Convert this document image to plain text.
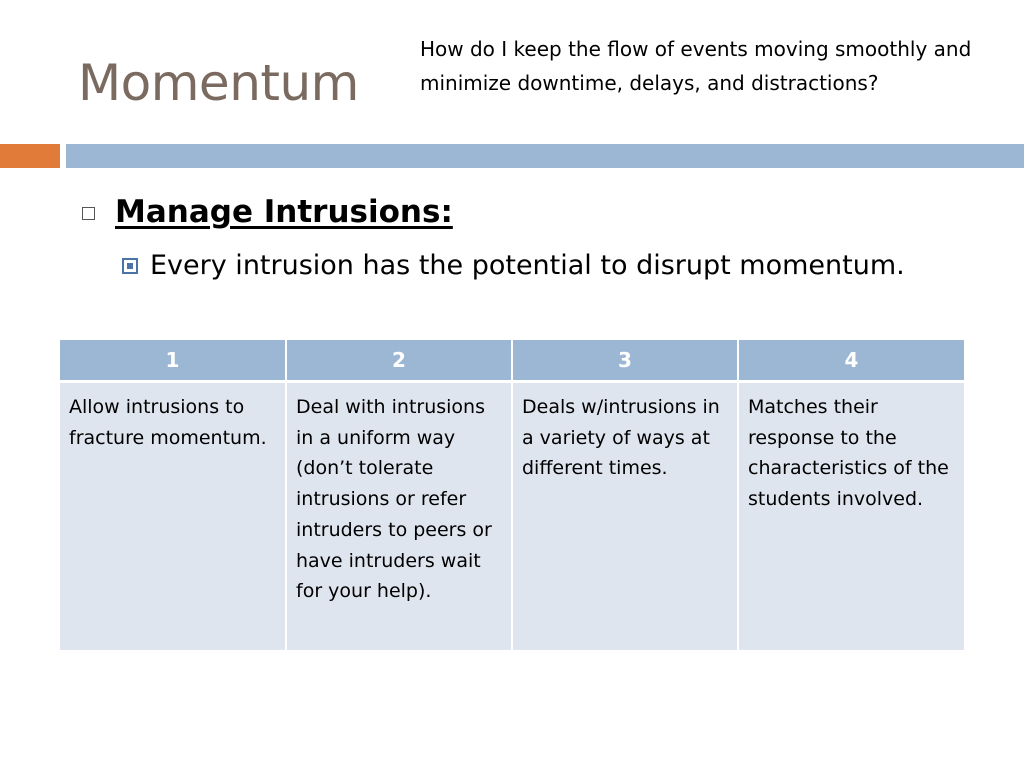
Momentum
How do I keep the flow of events moving smoothly and minimize downtime, delays, and distractions?
Manage Intrusions:
Every intrusion has the potential to disrupt momentum.
1	2	3	4
Allow intrusions to fracture momentum.	Deal with intrusions in a uniform way (don’t tolerate intrusions or refer intruders to peers or have intruders wait for your help).	Deals w/intrusions in a variety of ways at different times.	Matches their response to the characteristics of the students involved.
